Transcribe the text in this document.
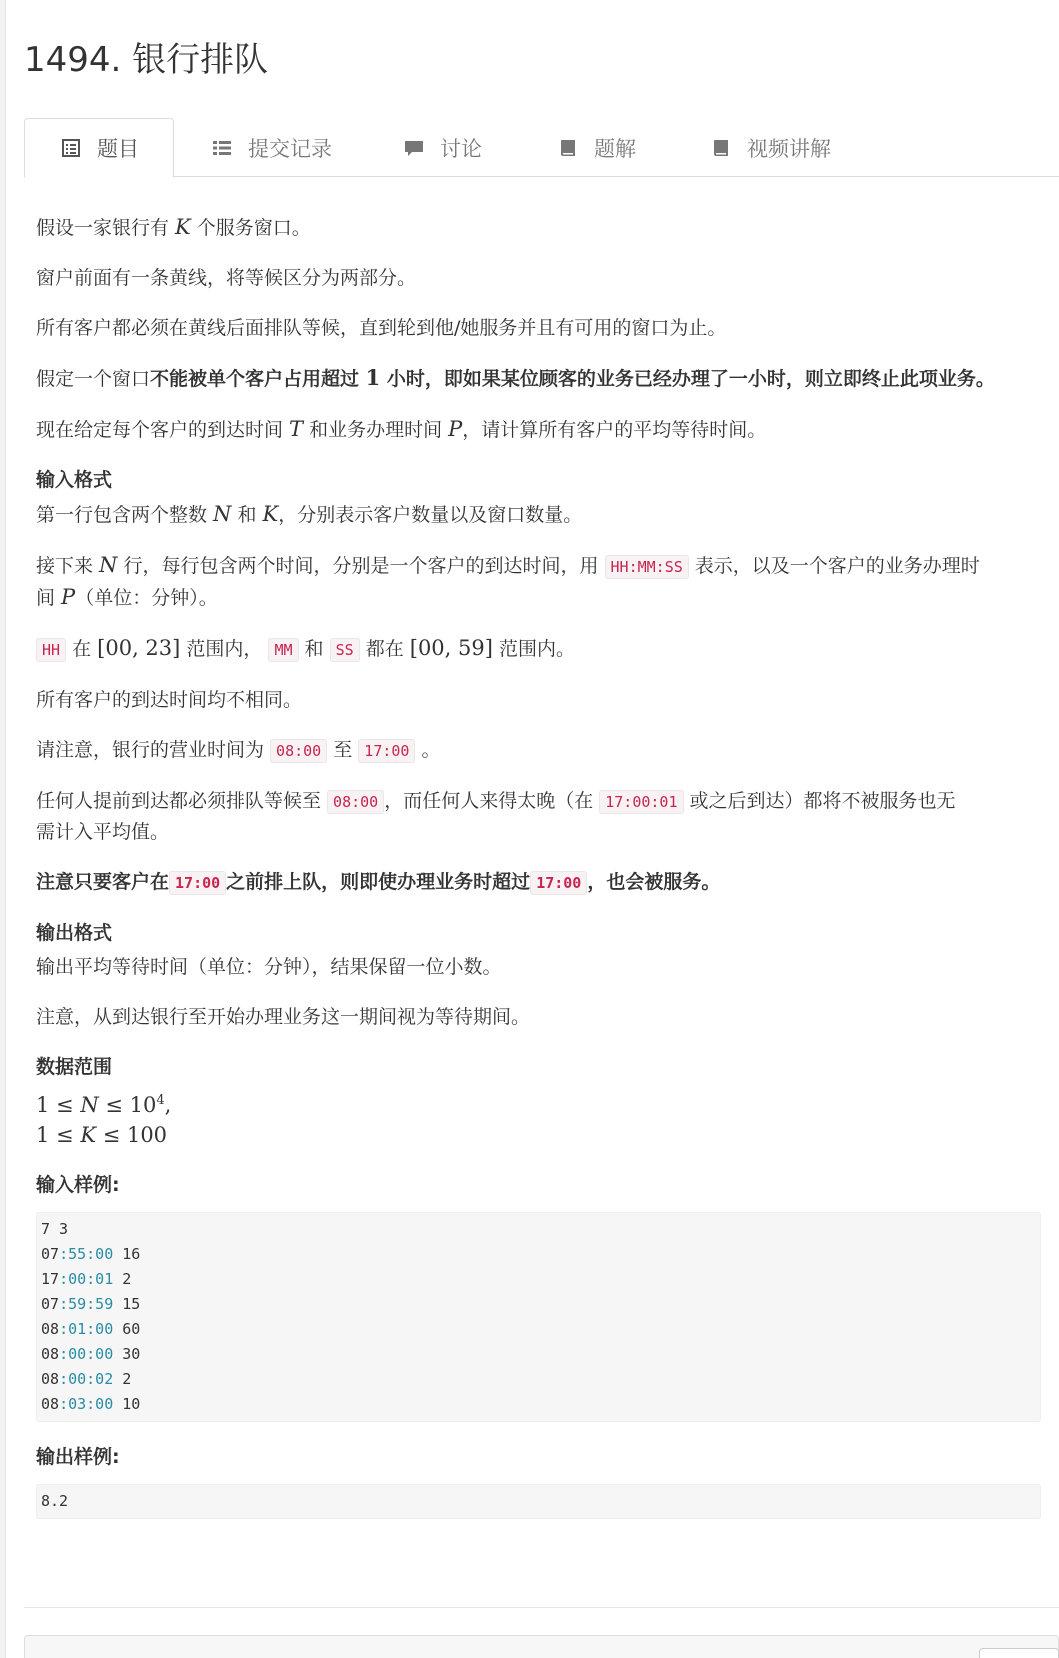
1494. 银行排队
题目	提交记录	讨论	题解	视频讲解
假设一家银行有 K 个服务窗口。
窗户前面有一条黄线，将等候区分为两部分。
所有客户都必须在黄线后面排队等候，直到轮到他/她服务并且有可用的窗口为止。
假定一个窗口不能被单个客户占用超过 1 小时，即如果某位顾客的业务已经办理了一小时，则立即终止此项业务。
现在给定每个客户的到达时间 T 和业务办理时间 P，请计算所有客户的平均等待时间。
输入格式
第一行包含两个整数 N 和 K，分别表示客户数量以及窗口数量。
接下来 N 行，每行包含两个时间，分别是一个客户的到达时间，用 HH:MM:SS 表示，以及一个客户的业务办理时
间 P（单位：分钟）。
HH 在 [00, 23] 范围内， MM 和 SS 都在 [00, 59] 范围内。
所有客户的到达时间均不相同。
请注意，银行的营业时间为 08:00 至 17:00 。
任何人提前到达都必须排队等候至 08:00 ，而任何人来得太晚（在 17:00:01 或之后到达）都将不被服务也无
需计入平均值。
注意只要客户在 17:00 之前排上队，则即使办理业务时超过 17:00 ，也会被服务。
输出格式
输出平均等待时间（单位：分钟），结果保留一位小数。
注意，从到达银行至开始办理业务这一期间视为等待期间。
数据范围
$1 \le N \le 10^4$,
1 ≤ K ≤ 100
输入样例:
7 3
07:55:00 16
17:00:01 2
07:59:59 15
08:01:00 60
08:00:00 30
08:00:02 2
08:03:00 10
输出样例:
8.2
